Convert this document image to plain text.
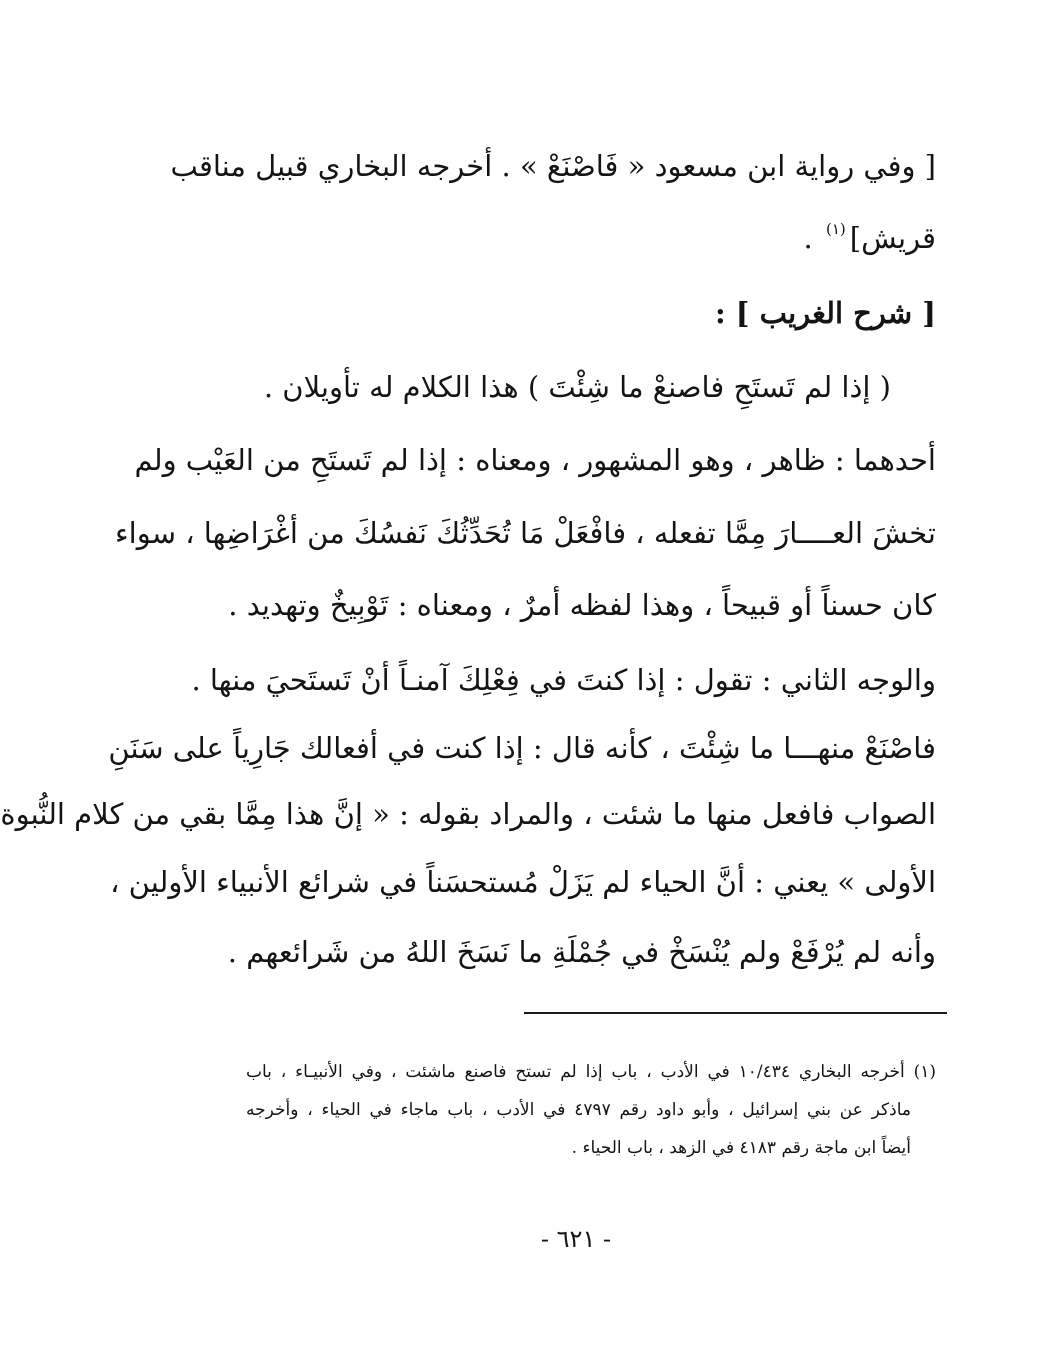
[ وفي رواية ابن مسعود « فَاصْنَعْ » . أخرجه البخاري قبيل مناقب
قريش]$^{(١)}$ .
[ شرح الغريب ] :
( إذا لم تَستَحِ فاصنعْ ما شِئْتَ ) هذا الكلام له تأويلان .
أحدهما : ظاهر ، وهو المشهور ، ومعناه : إذا لم تَستَحِ من العَيْب ولم
تخشَ العــــارَ مِمَّا تفعله ، فافْعَلْ مَا تُحَدِّثُكَ نَفسُكَ من أغْرَاضِها ، سواء
كان حسناً أو قبيحاً ، وهذا لفظه أمرٌ ، ومعناه : تَوْبِيخٌ وتهديد .
والوجه الثاني : تقول : إذا كنتَ في فِعْلِكَ آمنـاً أنْ تَستَحيَ منها .
فاصْنَعْ منهـــا ما شِئْتَ ، كأنه قال : إذا كنت في أفعالك جَارِياً على سَنَنِ
الصواب فافعل منها ما شئت ، والمراد بقوله : « إنَّ هذا مِمَّا بقي من كلام النُّبوة
الأولى » يعني : أنَّ الحياء لم يَزَلْ مُستحسَناً في شرائع الأنبياء الأولين ،
وأنه لم يُرْفَعْ ولم يُنْسَخْ في جُمْلَةِ ما نَسَخَ اللهُ من شَرائعهم .
(١) أخرجه البخاري ١٠/٤٣٤ في الأدب ، باب إذا لم تستح فاصنع ماشئت ، وفي الأنبيـاء ، باب
ماذكر عن بني إسرائيل ، وأبو داود رقم ٤٧٩٧ في الأدب ، باب ماجاء في الحياء ، وأخرجه
أيضاً ابن ماجة رقم ٤١٨٣ في الزهد ، باب الحياء .
- ٦٢١ -
